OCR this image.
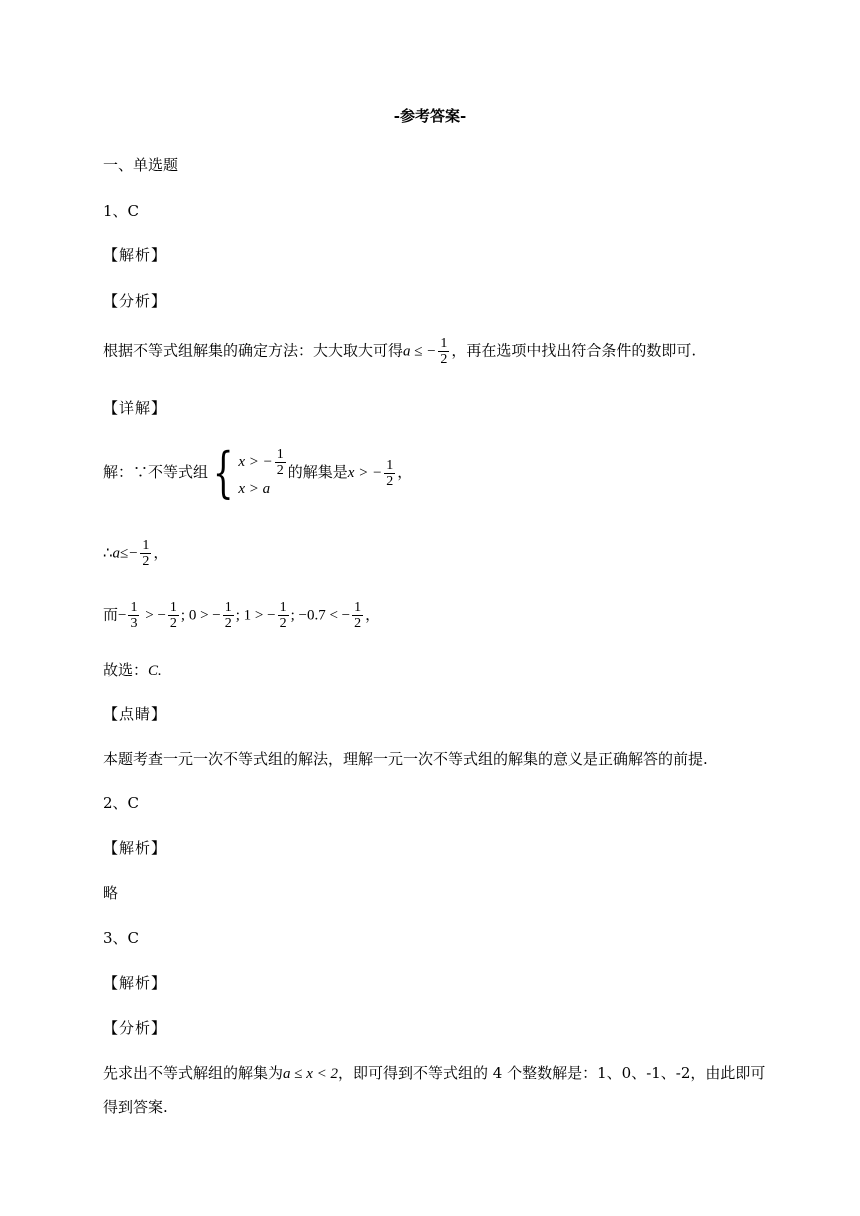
-参考答案-
一、单选题
1、C
【解析】
【分析】
根据不等式组解集的确定方法：大大取大可得a ≤ − $\frac{1}{2}$ ，再在选项中找出符合条件的数即可.
【详解】
解：∵不等式组 { x > − $\frac{1}{2}$
x > a
的解集是x > − $\frac{1}{2}$ ，
∴a≤− $\frac{1}{2}$ ，
而− $\frac{1}{3}$ > − $\frac{1}{2}$ ; 0 > − $\frac{1}{2}$ ; 1 > − $\frac{1}{2}$ ; −0.7 < − $\frac{1}{2}$ ，
故选：C.
【点睛】
本题考查一元一次不等式组的解法，理解一元一次不等式组的解集的意义是正确解答的前提.
2、C
【解析】
略
3、C
【解析】
【分析】
先求出不等式解组的解集为a ≤ x < 2，即可得到不等式组的 4 个整数解是：1、0、-1、-2，由此即可
得到答案.
